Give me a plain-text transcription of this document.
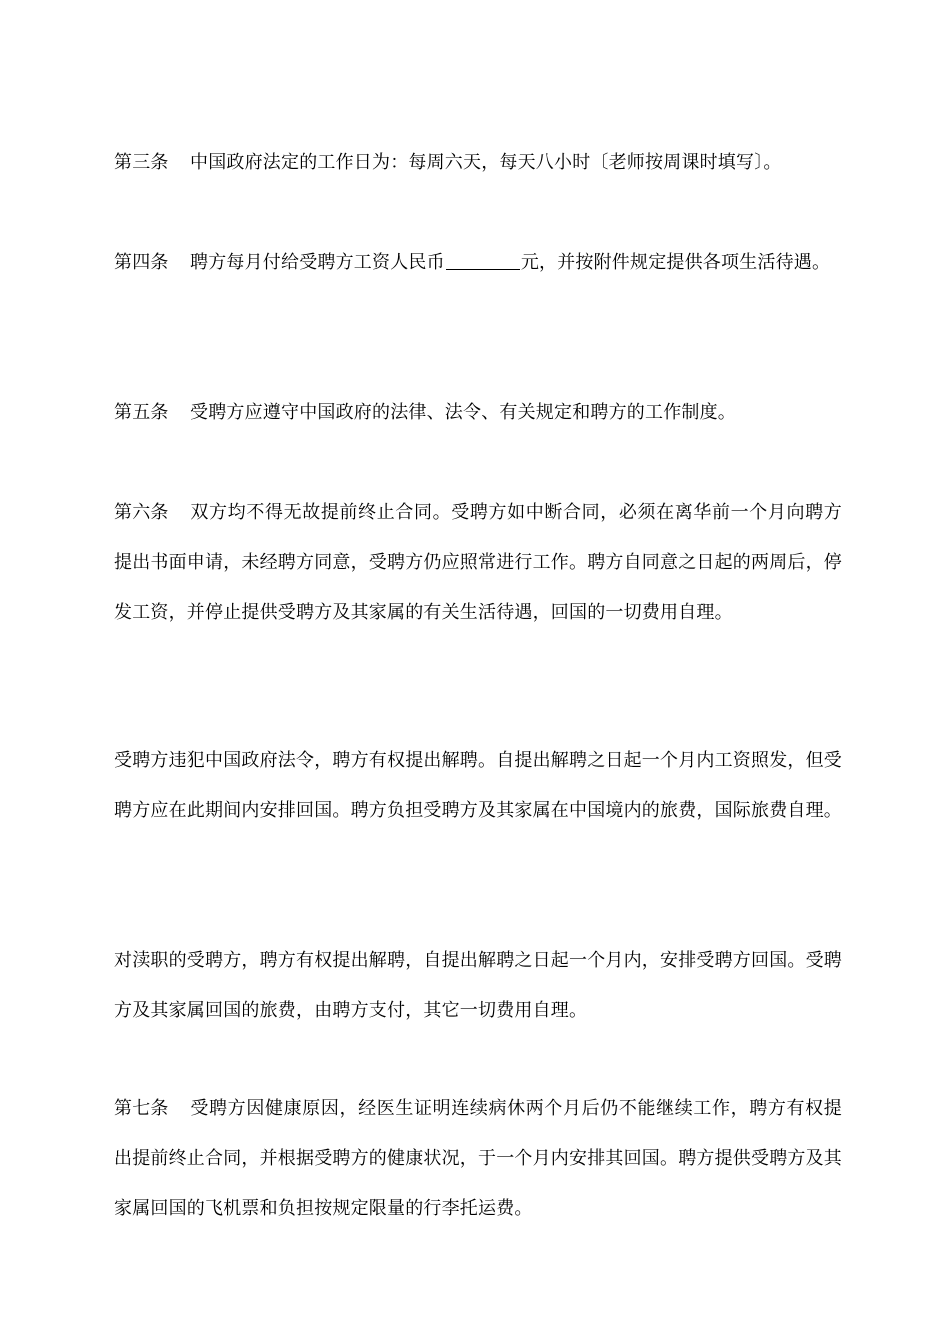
第三条 中国政府法定的工作日为：每周六天，每天八小时〔老师按周课时填写〕。

第四条 聘方每月付给受聘方工资人民币	元，并按附件规定提供各项生活待遇。

第五条 受聘方应遵守中国政府的法律、法令、有关规定和聘方的工作制度。

第六条 双方均不得无故提前终止合同。受聘方如中断合同，必须在离华前一个月向聘方提出书面申请，未经聘方同意，受聘方仍应照常进行工作。聘方自同意之日起的两周后，停发工资，并停止提供受聘方及其家属的有关生活待遇，回国的一切费用自理。

受聘方违犯中国政府法令，聘方有权提出解聘。自提出解聘之日起一个月内工资照发，但受聘方应在此期间内安排回国。聘方负担受聘方及其家属在中国境内的旅费，国际旅费自理。

对渎职的受聘方，聘方有权提出解聘，自提出解聘之日起一个月内，安排受聘方回国。受聘方及其家属回国的旅费，由聘方支付，其它一切费用自理。

第七条 受聘方因健康原因，经医生证明连续病休两个月后仍不能继续工作，聘方有权提出提前终止合同，并根据受聘方的健康状况，于一个月内安排其回国。聘方提供受聘方及其家属回国的飞机票和负担按规定限量的行李托运费。
